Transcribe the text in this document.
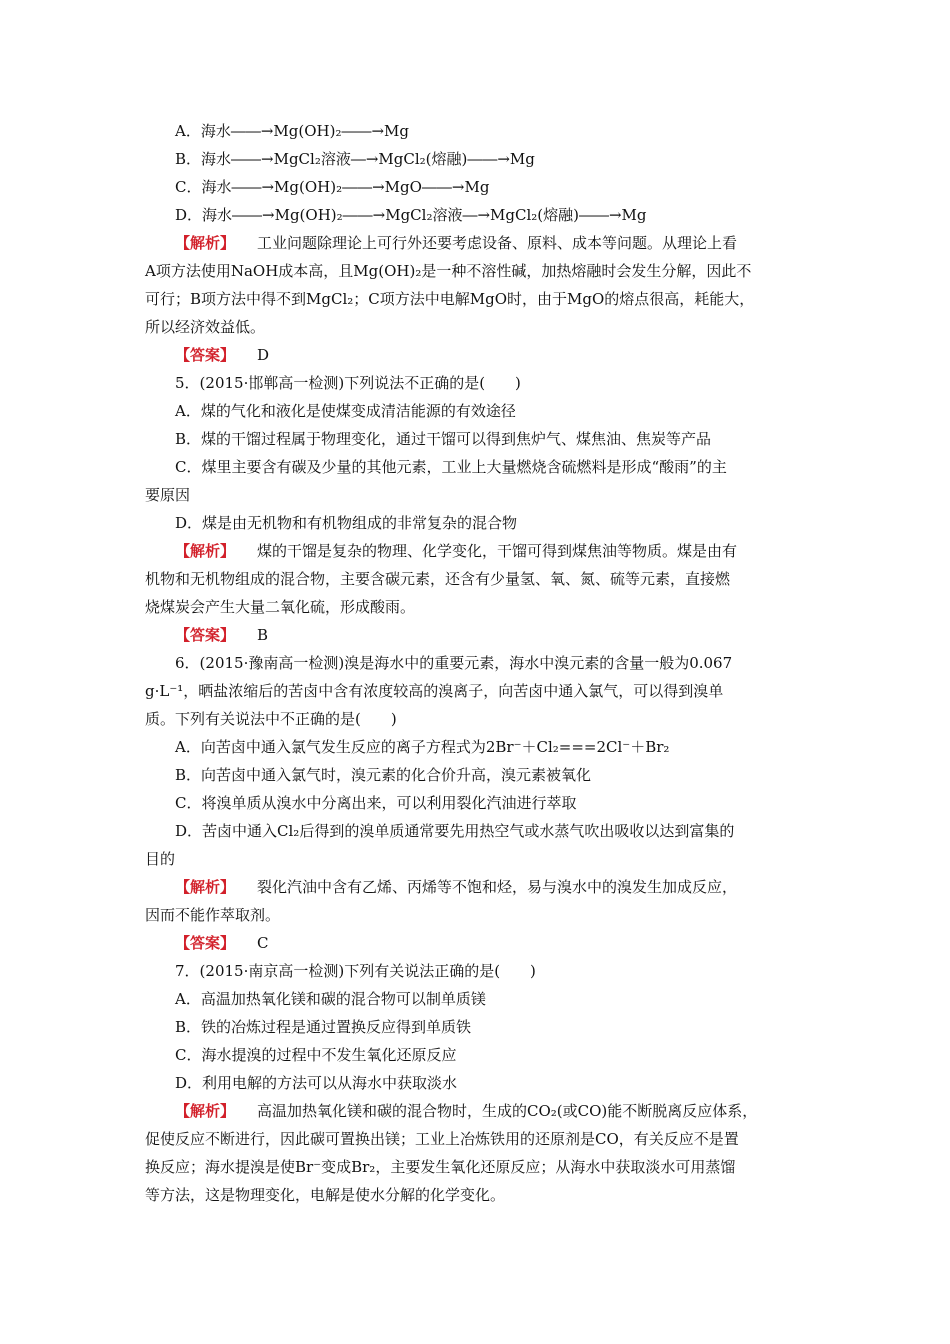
A．海水――→Mg(OH)₂――→Mg
B．海水――→MgCl₂溶液―→MgCl₂(熔融)――→Mg
C．海水――→Mg(OH)₂――→MgO――→Mg
D．海水――→Mg(OH)₂――→MgCl₂溶液―→MgCl₂(熔融)――→Mg
【解析】 工业问题除理论上可行外还要考虑设备、原料、成本等问题。从理论上看
A项方法使用NaOH成本高，且Mg(OH)₂是一种不溶性碱，加热熔融时会发生分解，因此不
可行；B项方法中得不到MgCl₂；C项方法中电解MgO时，由于MgO的熔点很高，耗能大，
所以经济效益低。
【答案】 D
5．(2015·邯郸高一检测)下列说法不正确的是(　　)
A．煤的气化和液化是使煤变成清洁能源的有效途径
B．煤的干馏过程属于物理变化，通过干馏可以得到焦炉气、煤焦油、焦炭等产品
C．煤里主要含有碳及少量的其他元素，工业上大量燃烧含硫燃料是形成“酸雨”的主
要原因
D．煤是由无机物和有机物组成的非常复杂的混合物
【解析】 煤的干馏是复杂的物理、化学变化，干馏可得到煤焦油等物质。煤是由有
机物和无机物组成的混合物，主要含碳元素，还含有少量氢、氧、氮、硫等元素，直接燃
烧煤炭会产生大量二氧化硫，形成酸雨。
【答案】 B
6．(2015·豫南高一检测)溴是海水中的重要元素，海水中溴元素的含量一般为0.067
g·L⁻¹，晒盐浓缩后的苦卤中含有浓度较高的溴离子，向苦卤中通入氯气，可以得到溴单
质。下列有关说法中不正确的是(　　)
A．向苦卤中通入氯气发生反应的离子方程式为2Br⁻＋Cl₂===2Cl⁻＋Br₂
B．向苦卤中通入氯气时，溴元素的化合价升高，溴元素被氧化
C．将溴单质从溴水中分离出来，可以利用裂化汽油进行萃取
D．苦卤中通入Cl₂后得到的溴单质通常要先用热空气或水蒸气吹出吸收以达到富集的
目的
【解析】 裂化汽油中含有乙烯、丙烯等不饱和烃，易与溴水中的溴发生加成反应，
因而不能作萃取剂。
【答案】 C
7．(2015·南京高一检测)下列有关说法正确的是(　　)
A．高温加热氧化镁和碳的混合物可以制单质镁
B．铁的冶炼过程是通过置换反应得到单质铁
C．海水提溴的过程中不发生氧化还原反应
D．利用电解的方法可以从海水中获取淡水
【解析】 高温加热氧化镁和碳的混合物时，生成的CO₂(或CO)能不断脱离反应体系，
促使反应不断进行，因此碳可置换出镁；工业上冶炼铁用的还原剂是CO，有关反应不是置
换反应；海水提溴是使Br⁻变成Br₂，主要发生氧化还原反应；从海水中获取淡水可用蒸馏
等方法，这是物理变化，电解是使水分解的化学变化。
